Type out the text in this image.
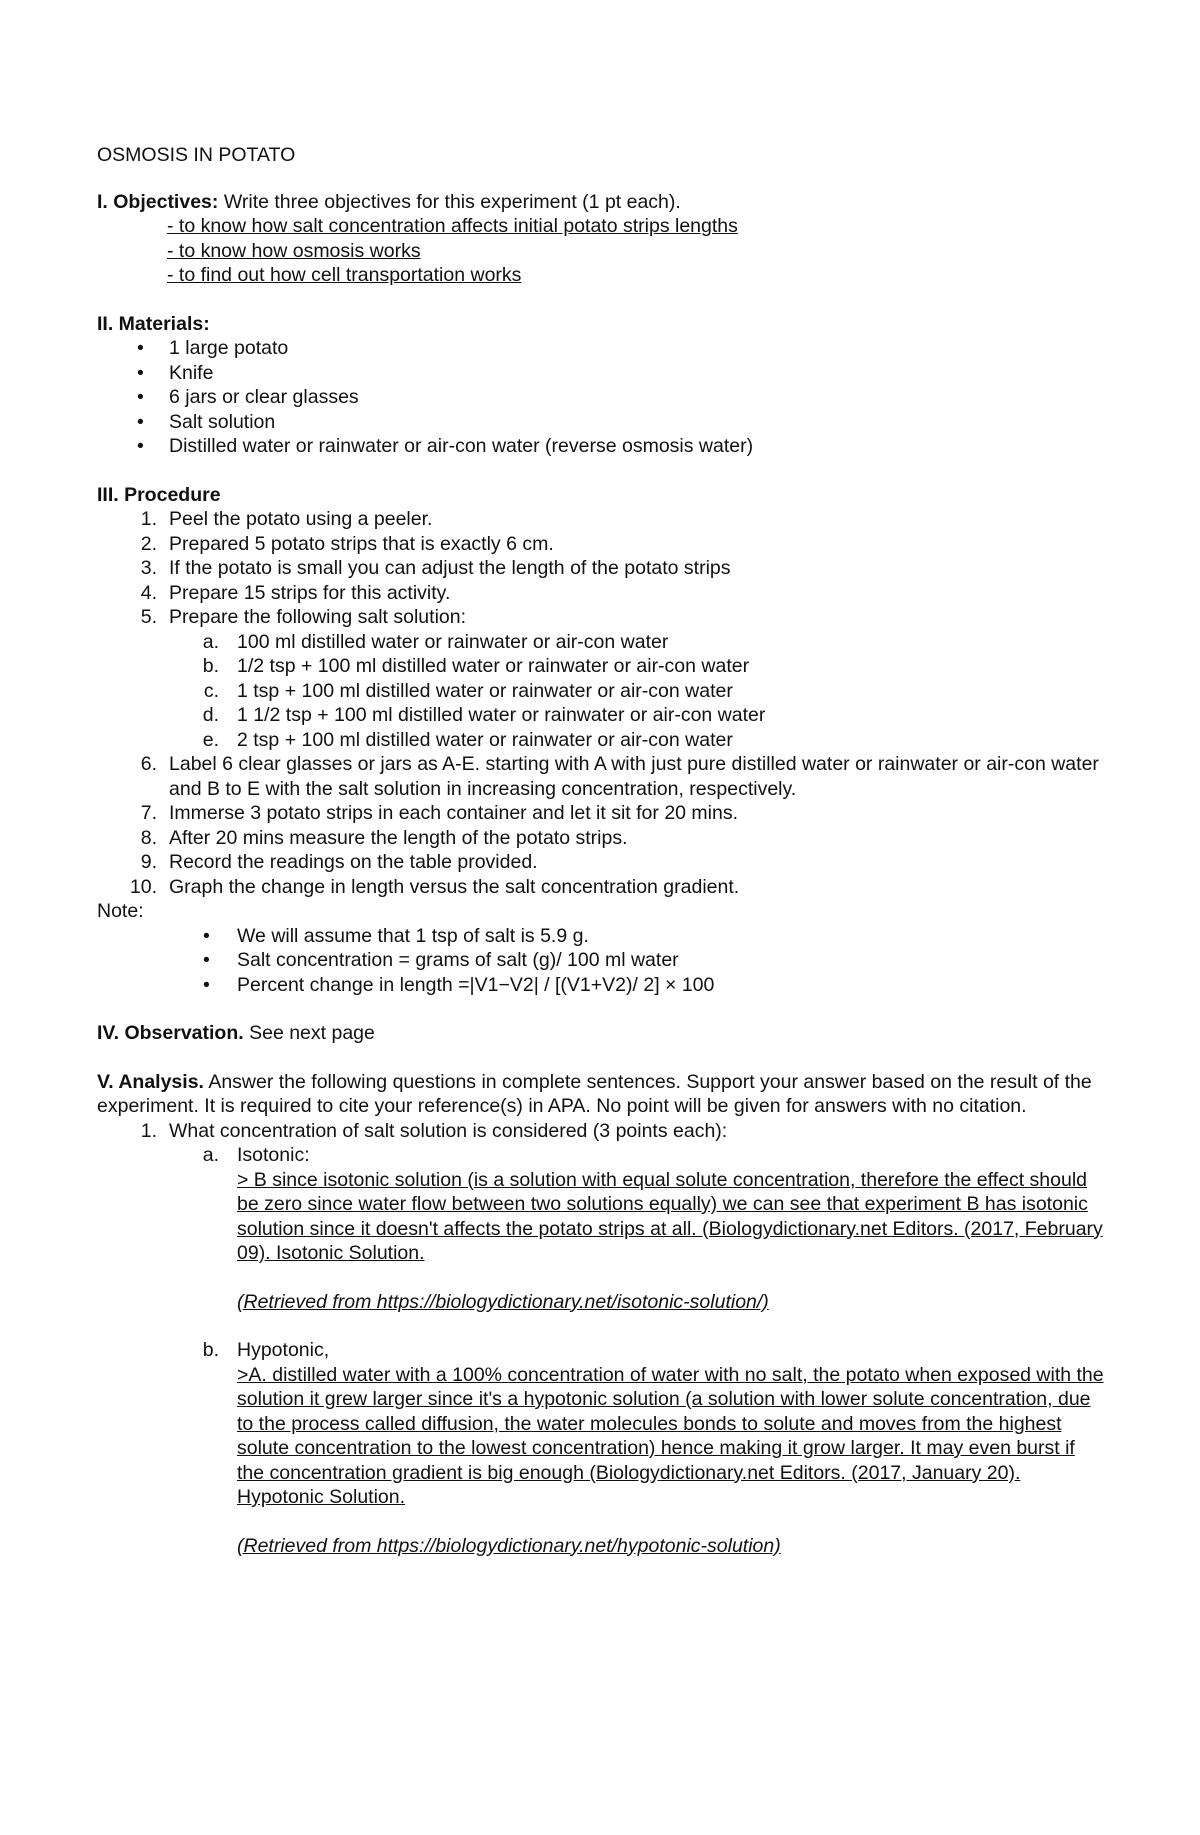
OSMOSIS IN POTATO

I. Objectives: Write three objectives for this experiment (1 pt each).

- to know how salt concentration affects initial potato strips lengths
- to know how osmosis works
- to find out how cell transportation works

II. Materials:

• 1 large potato
• Knife
• 6 jars or clear glasses
• Salt solution
• Distilled water or rainwater or air-con water (reverse osmosis water)

III. Procedure

1. Peel the potato using a peeler.
2. Prepared 5 potato strips that is exactly 6 cm.
3. If the potato is small you can adjust the length of the potato strips
4. Prepare 15 strips for this activity.
5. Prepare the following salt solution:
a. 100 ml distilled water or rainwater or air-con water
b. 1/2 tsp + 100 ml distilled water or rainwater or air-con water
c. 1 tsp + 100 ml distilled water or rainwater or air-con water
d. 1 1/2 tsp + 100 ml distilled water or rainwater or air-con water
e. 2 tsp + 100 ml distilled water or rainwater or air-con water
6. Label 6 clear glasses or jars as A-E. starting with A with just pure distilled water or rainwater or air-con water and B to E with the salt solution in increasing concentration, respectively.
7. Immerse 3 potato strips in each container and let it sit for 20 mins.
8. After 20 mins measure the length of the potato strips.
9. Record the readings on the table provided.
10. Graph the change in length versus the salt concentration gradient.

Note:

• We will assume that 1 tsp of salt is 5.9 g.
• Salt concentration = grams of salt (g)/ 100 ml water
• Percent change in length =|V1−V2| / [(V1+V2)/ 2] × 100

IV. Observation. See next page

V. Analysis. Answer the following questions in complete sentences. Support your answer based on the result of the experiment. It is required to cite your reference(s) in APA. No point will be given for answers with no citation.

1. What concentration of salt solution is considered (3 points each):
a. Isotonic:
> B since isotonic solution (is a solution with equal solute concentration, therefore the effect should be zero since water flow between two solutions equally) we can see that experiment B has isotonic solution since it doesn't affects the potato strips at all. (Biologydictionary.net Editors. (2017, February 09). Isotonic Solution.
(Retrieved from https://biologydictionary.net/isotonic-solution/)
b. Hypotonic,
>A. distilled water with a 100% concentration of water with no salt, the potato when exposed with the solution it grew larger since it's a hypotonic solution (a solution with lower solute concentration, due to the process called diffusion, the water molecules bonds to solute and moves from the highest solute concentration to the lowest concentration) hence making it grow larger. It may even burst if the concentration gradient is big enough (Biologydictionary.net Editors. (2017, January 20). Hypotonic Solution.
(Retrieved from https://biologydictionary.net/hypotonic-solution)
